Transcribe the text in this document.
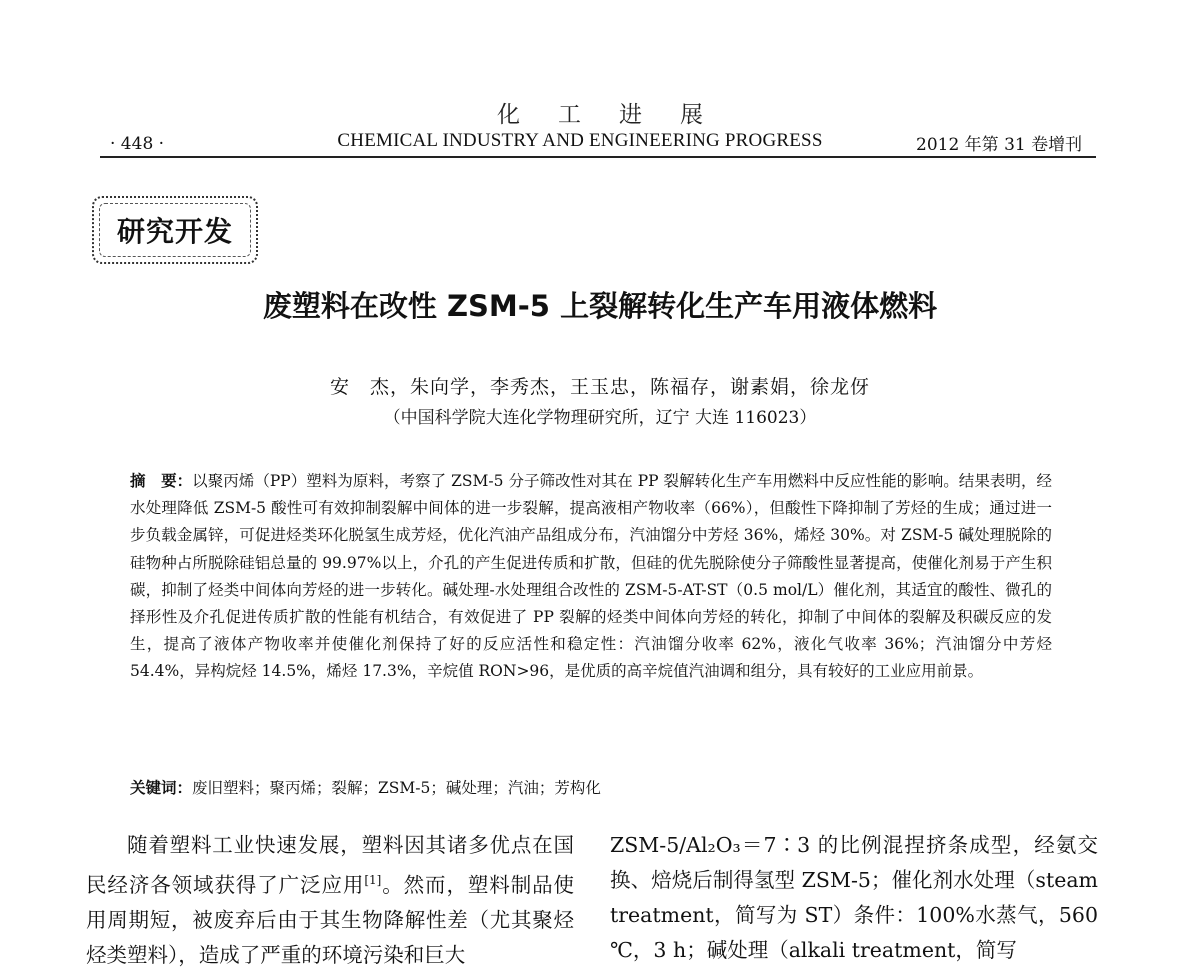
化工进展
· 448 ·	CHEMICAL INDUSTRY AND ENGINEERING PROGRESS	2012 年第 31 卷增刊
研究开发
废塑料在改性 ZSM-5 上裂解转化生产车用液体燃料
安　杰，朱向学，李秀杰，王玉忠，陈福存，谢素娟，徐龙伢
（中国科学院大连化学物理研究所，辽宁 大连 116023）
摘　要：以聚丙烯（PP）塑料为原料，考察了 ZSM-5 分子筛改性对其在 PP 裂解转化生产车用燃料中反应性能的影响。结果表明，经水处理降低 ZSM-5 酸性可有效抑制裂解中间体的进一步裂解，提高液相产物收率（66%），但酸性下降抑制了芳烃的生成；通过进一步负载金属锌，可促进烃类环化脱氢生成芳烃，优化汽油产品组成分布，汽油馏分中芳烃 36%，烯烃 30%。对 ZSM-5 碱处理脱除的硅物种占所脱除硅铝总量的 99.97%以上，介孔的产生促进传质和扩散，但硅的优先脱除使分子筛酸性显著提高，使催化剂易于产生积碳，抑制了烃类中间体向芳烃的进一步转化。碱处理-水处理组合改性的 ZSM-5-AT-ST（0.5 mol/L）催化剂，其适宜的酸性、微孔的择形性及介孔促进传质扩散的性能有机结合，有效促进了 PP 裂解的烃类中间体向芳烃的转化，抑制了中间体的裂解及积碳反应的发生，提高了液体产物收率并使催化剂保持了好的反应活性和稳定性：汽油馏分收率 62%，液化气收率 36%；汽油馏分中芳烃 54.4%，异构烷烃 14.5%，烯烃 17.3%，辛烷值 RON>96，是优质的高辛烷值汽油调和组分，具有较好的工业应用前景。
关键词：废旧塑料；聚丙烯；裂解；ZSM-5；碱处理；汽油；芳构化
随着塑料工业快速发展，塑料因其诸多优点在国民经济各领域获得了广泛应用[1]。然而，塑料制品使用周期短，被废弃后由于其生物降解性差（尤其聚烃烃类塑料），造成了严重的环境污染和巨大
ZSM-5/Al₂O₃＝7∶3 的比例混捏挤条成型，经氨交换、焙烧后制得氢型 ZSM-5；催化剂水处理（steam treatment，简写为 ST）条件：100%水蒸气，560 ℃，3 h；碱处理（alkali treatment，简写
